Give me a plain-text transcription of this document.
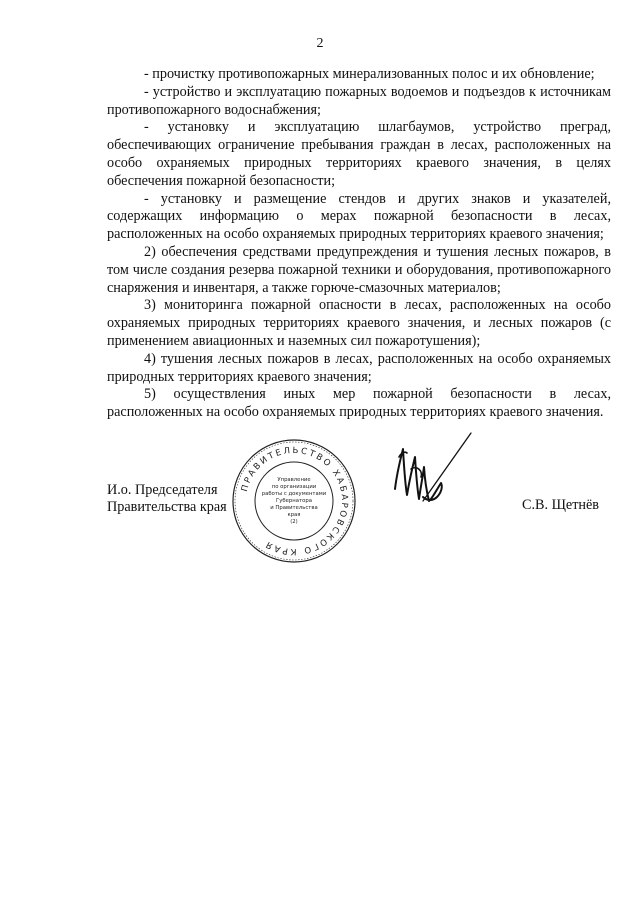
2

- прочистку противопожарных минерализованных полос и их обновление;

- устройство и эксплуатацию пожарных водоемов и подъездов к источникам противопожарного водоснабжения;

- установку и эксплуатацию шлагбаумов, устройство преград, обеспечивающих ограничение пребывания граждан в лесах, расположенных на особо охраняемых природных территориях краевого значения, в целях обеспечения пожарной безопасности;

- установку и размещение стендов и других знаков и указателей, содержащих информацию о мерах пожарной безопасности в лесах, расположенных на особо охраняемых природных территориях краевого значения;

2) обеспечения средствами предупреждения и тушения лесных пожаров, в том числе создания резерва пожарной техники и оборудования, противопожарного снаряжения и инвентаря, а также горюче-смазочных материалов;

3) мониторинга пожарной опасности в лесах, расположенных на особо охраняемых природных территориях краевого значения, и лесных пожаров (с применением авиационных и наземных сил пожаротушения);

4) тушения лесных пожаров в лесах, расположенных на особо охраняемых природных территориях краевого значения;

5) осуществления иных мер пожарной безопасности в лесах, расположенных на особо охраняемых природных территориях краевого значения.

И.о. Председателя
Правительства края
ПРАВИТЕЛЬСТВО ХАБАРОВСКОГО КРАЯ
Управление
по организации
работы с документами
Губернатора
и Правительства
края
(2)
С.В. Щетнёв
